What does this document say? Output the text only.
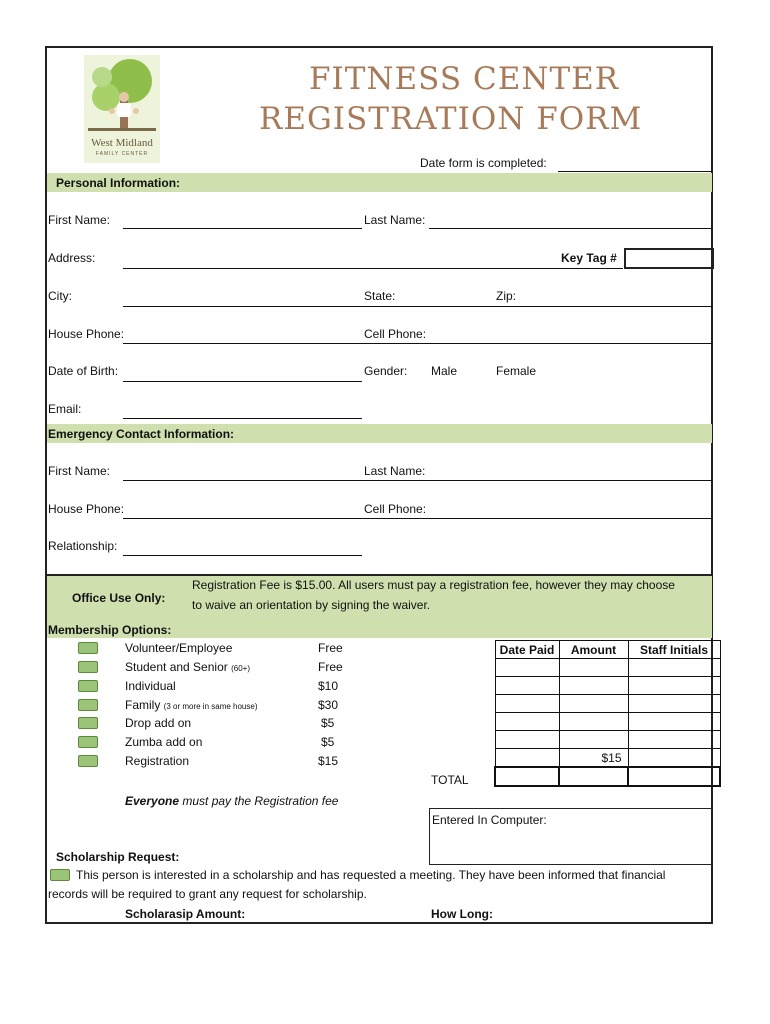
West Midland
FAMILY CENTER
FITNESS CENTER
REGISTRATION FORM
Date form is completed:
Personal Information:
First Name:	Last Name:
Address:	Key Tag #
City:	State:	Zip:
House Phone:	Cell Phone:
Date of Birth:	Gender: Male	Female
Email:
Emergency Contact Information:
First Name:	Last Name:
House Phone:	Cell Phone:
Relationship:
Office Use Only:
Registration Fee is $15.00. All users must pay a registration fee, however they may choose
to waive an orientation by signing the waiver.
Membership Options:
Volunteer/Employee	Free
Student and Senior (60+)	Free
Individual	$10
Family (3 or more in same house)	$30
Drop add on	$5
Zumba add on	$5
Registration	$15
Date Paid	Amount	Staff Initials

	$15	

TOTAL
Everyone must pay the Registration fee
Entered In Computer:
Scholarship Request:
This person is interested in a scholarship and has requested a meeting. They have been informed that financial
records will be required to grant any request for scholarship.
Scholarasip Amount:	How Long:
